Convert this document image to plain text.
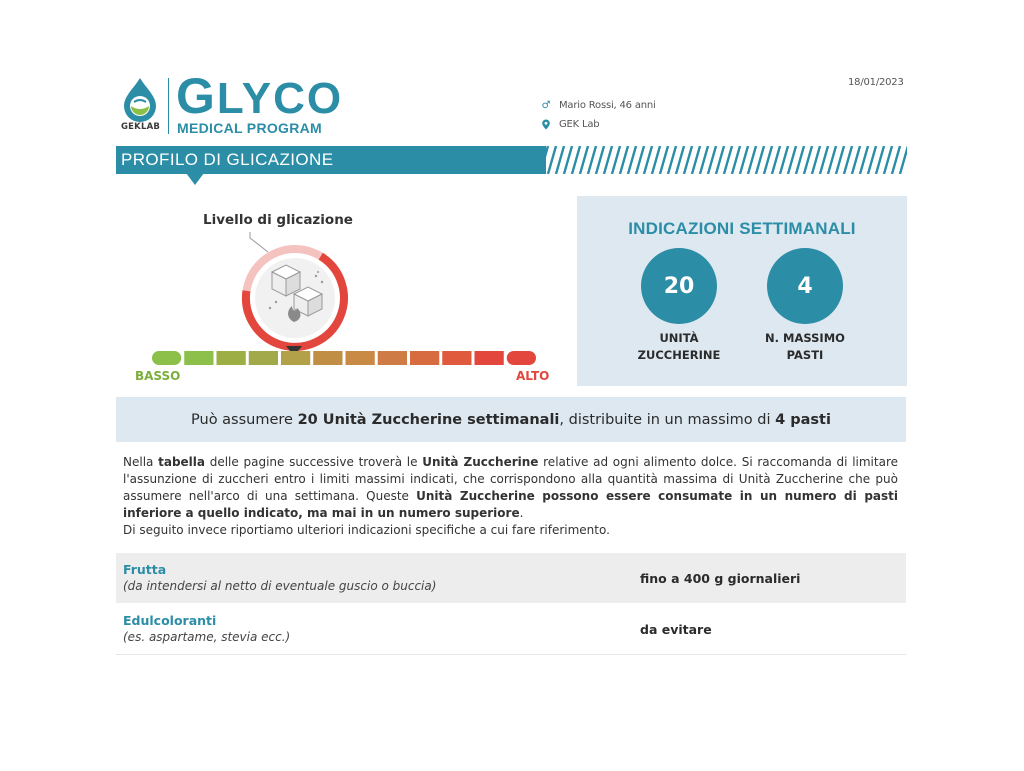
18/01/2023
GEKLAB
GLYCO
MEDICAL PROGRAM
♂ Mario Rossi, 46 anni
GEK Lab
PROFILO DI GLICAZIONE
Livello di glicazione
BASSO	ALTO
INDICAZIONI SETTIMANALI
20	4
UNITÀ
ZUCCHERINE
N. MASSIMO
PASTI
Può assumere 20 Unità Zuccherine settimanali, distribuite in un massimo di 4 pasti

Nella tabella delle pagine successive troverà le Unità Zuccherine relative ad ogni alimento dolce. Si raccomanda di limitare l'assunzione di zuccheri entro i limiti massimi indicati, che corrispondono alla quantità massima di Unità Zuccherine che può assumere nell'arco di una settimana. Queste Unità Zuccherine possono essere consumate in un numero di pasti inferiore a quello indicato, ma mai in un numero superiore.

Di seguito invece riportiamo ulteriori indicazioni specifiche a cui fare riferimento.

Frutta
(da intendersi al netto di eventuale guscio o buccia)	fino a 400 g giornalieri
Edulcoloranti
(es. aspartame, stevia ecc.)	da evitare
